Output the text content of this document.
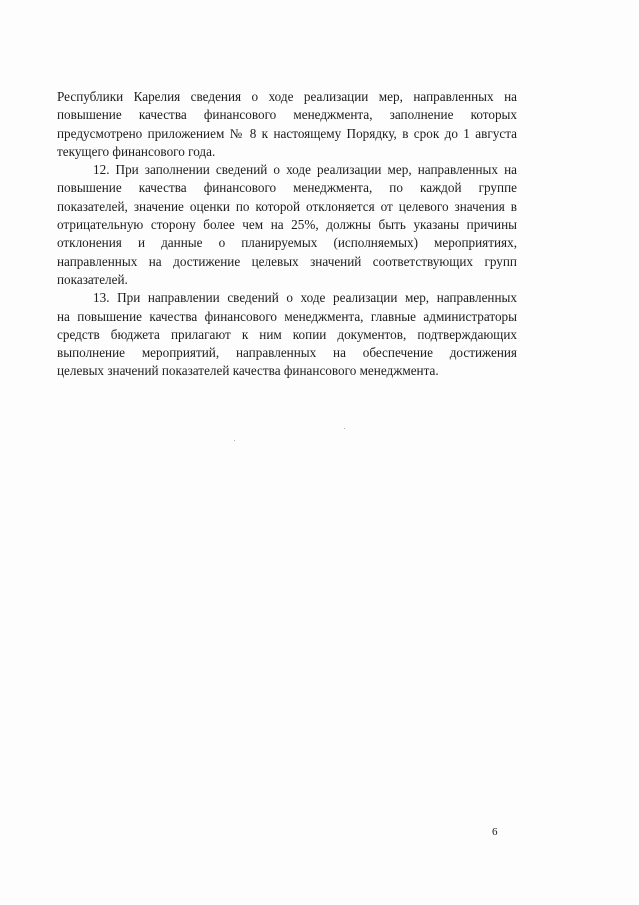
Республики Карелия сведения о ходе реализации мер, направленных на
повышение качества финансового менеджмента, заполнение которых
предусмотрено приложением № 8 к настоящему Порядку, в срок до 1 августа
текущего финансового года.
12. При заполнении сведений о ходе реализации мер, направленных на
повышение качества финансового менеджмента, по каждой группе
показателей, значение оценки по которой отклоняется от целевого значения в
отрицательную сторону более чем на 25%, должны быть указаны причины
отклонения и данные о планируемых (исполняемых) мероприятиях,
направленных на достижение целевых значений соответствующих групп
показателей.
13. При направлении сведений о ходе реализации мер, направленных
на повышение качества финансового менеджмента, главные администраторы
средств бюджета прилагают к ним копии документов, подтверждающих
выполнение мероприятий, направленных на обеспечение достижения
целевых значений показателей качества финансового менеджмента.
6
